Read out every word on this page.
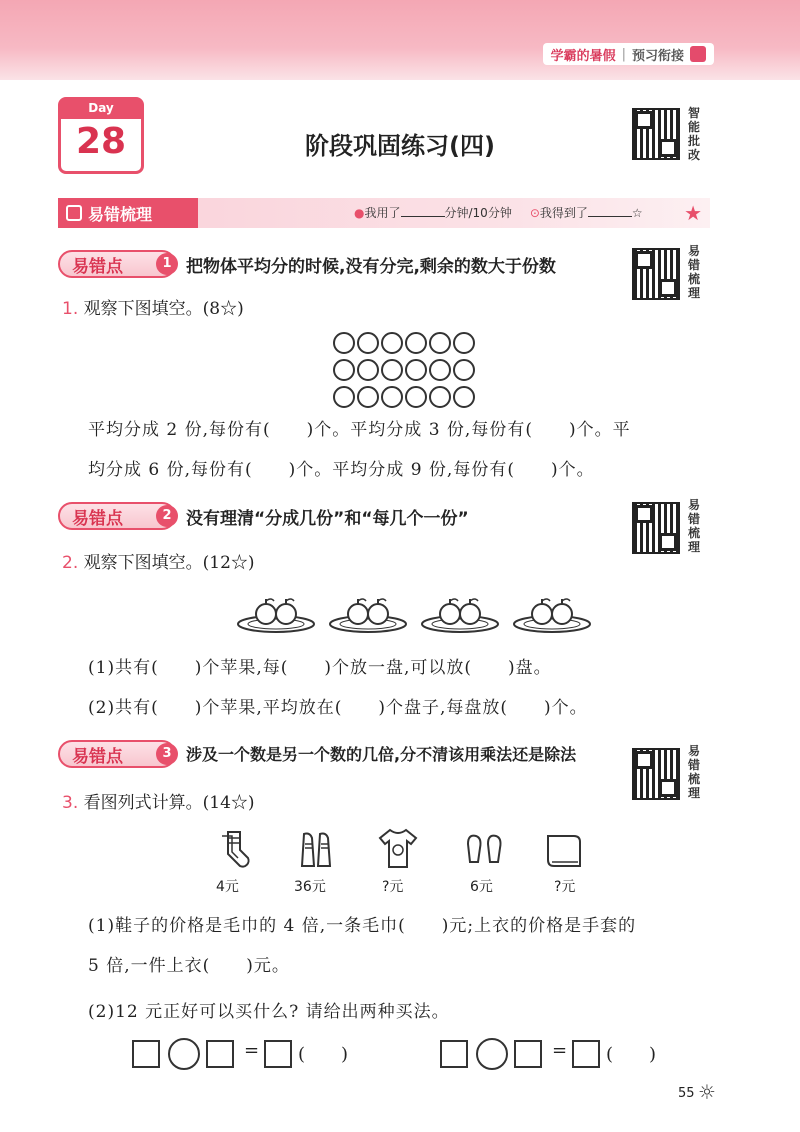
学霸的暑假 | 预习衔接
Day
28	阶段巩固练习(四)
智能批改
易错梳理	●我用了	分钟/10分钟 ⊙我得到了	☆ ★
易错点	1 把物体平均分的时候,没有分完,剩余的数大于份数
易错梳理
1. 观察下图填空。(8☆)
平均分成 2 份,每份有(　　)个。平均分成 3 份,每份有(　　)个。平
均分成 6 份,每份有(　　)个。平均分成 9 份,每份有(　　)个。
易错点	2 没有理清“分成几份”和“每几个一份”
易错梳理
2. 观察下图填空。(12☆)
(1)共有(　　)个苹果,每(　　)个放一盘,可以放(　　)盘。
(2)共有(　　)个苹果,平均放在(　　)个盘子,每盘放(　　)个。
易错点	3 涉及一个数是另一个数的几倍,分不清该用乘法还是除法	易错梳理
3. 看图列式计算。(14☆)
4元	36元	?元	6元	?元
(1)鞋子的价格是毛巾的 4 倍,一条毛巾(　　)元;上衣的价格是手套的
5 倍,一件上衣(　　)元。
(2)12 元正好可以买什么? 请给出两种买法。
= (　　)	= (　　)
55 ☼
